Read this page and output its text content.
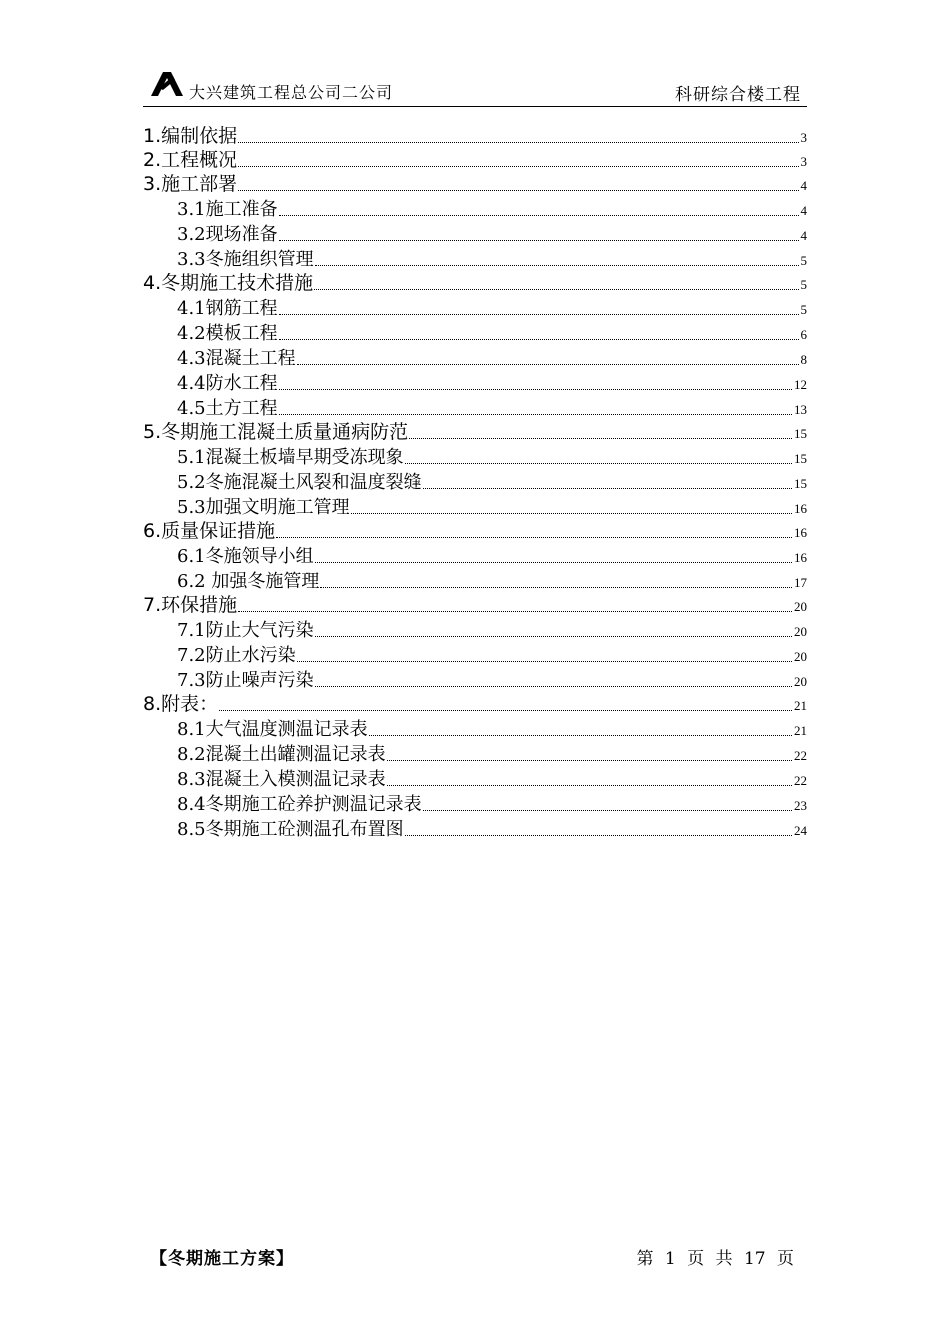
大兴建筑工程总公司二公司	科研综合楼工程
1.编制依据	3
2.工程概况	3
3.施工部署	4
3.1施工准备	4
3.2现场准备	4
3.3冬施组织管理	5
4.冬期施工技术措施	5
4.1钢筋工程	5
4.2模板工程	6
4.3混凝土工程	8
4.4防水工程	12
4.5土方工程	13
5.冬期施工混凝土质量通病防范	15
5.1混凝土板墙早期受冻现象	15
5.2冬施混凝土风裂和温度裂缝	15
5.3加强文明施工管理	16
6.质量保证措施	16
6.1冬施领导小组	16
6.2 加强冬施管理	17
7.环保措施	20
7.1防止大气污染	20
7.2防止水污染	20
7.3防止噪声污染	20
8.附表：	21
8.1大气温度测温记录表	21
8.2混凝土出罐测温记录表	22
8.3混凝土入模测温记录表	22
8.4冬期施工砼养护测温记录表	23
8.5冬期施工砼测温孔布置图	24
【冬期施工方案】	第 1 页 共 17 页
